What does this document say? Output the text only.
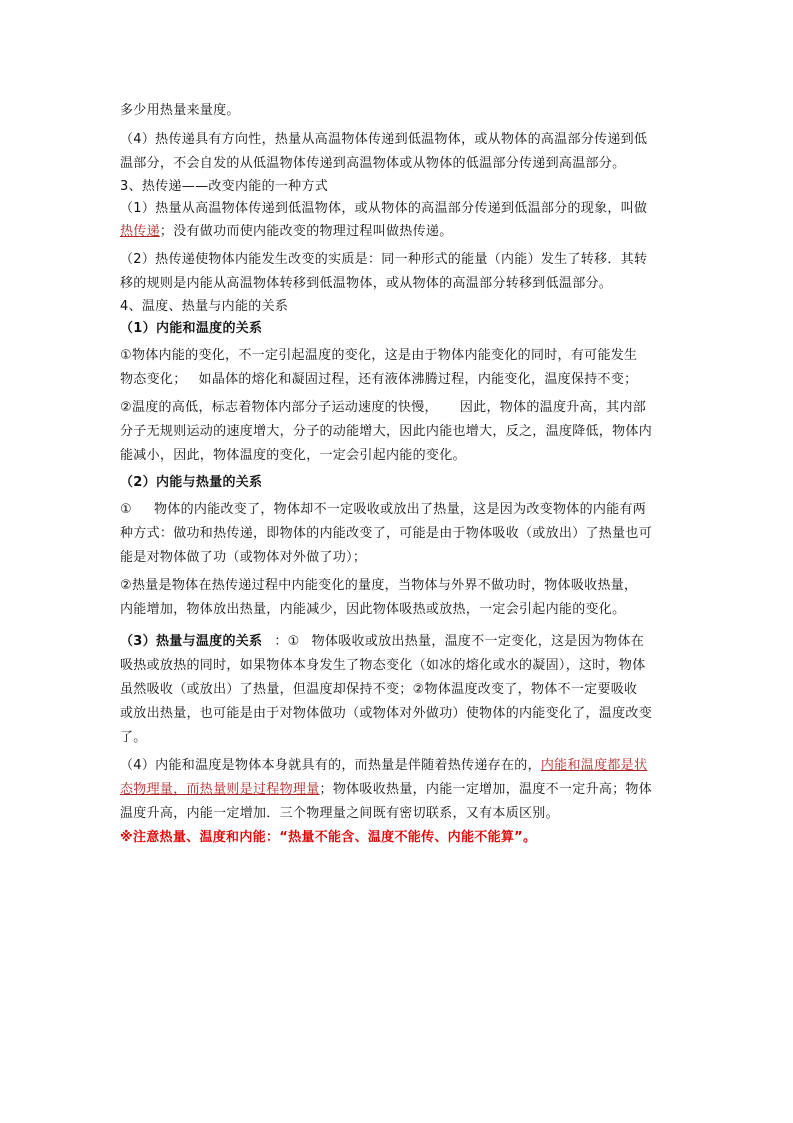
多少用热量来量度。
（4）热传递具有方向性，热量从高温物体传递到低温物体，或从物体的高温部分传递到低
温部分，不会自发的从低温物体传递到高温物体或从物体的低温部分传递到高温部分。
3、热传递——改变内能的一种方式
（1）热量从高温物体传递到低温物体，或从物体的高温部分传递到低温部分的现象，叫做
热传递；没有做功而使内能改变的物理过程叫做热传递。
（2）热传递使物体内能发生改变的实质是：同一种形式的能量（内能）发生了转移．其转
移的规则是内能从高温物体转移到低温物体，或从物体的高温部分转移到低温部分。
4、温度、热量与内能的关系
（1）内能和温度的关系
①物体内能的变化，不一定引起温度的变化，这是由于物体内能变化的同时，有可能发生
物态变化； 如晶体的熔化和凝固过程，还有液体沸腾过程，内能变化，温度保持不变；
②温度的高低，标志着物体内部分子运动速度的快慢， 因此，物体的温度升高，其内部
分子无规则运动的速度增大，分子的动能增大，因此内能也增大，反之，温度降低，物体内
能减小，因此，物体温度的变化，一定会引起内能的变化。
（2）内能与热量的关系
① 物体的内能改变了，物体却不一定吸收或放出了热量，这是因为改变物体的内能有两
种方式：做功和热传递，即物体的内能改变了，可能是由于物体吸收（或放出）了热量也可
能是对物体做了功（或物体对外做了功）；
②热量是物体在热传递过程中内能变化的量度，当物体与外界不做功时，物体吸收热量，
内能增加，物体放出热量，内能减少，因此物体吸热或放热，一定会引起内能的变化。
（3）热量与温度的关系 ：① 物体吸收或放出热量，温度不一定变化，这是因为物体在
吸热或放热的同时，如果物体本身发生了物态变化（如冰的熔化或水的凝固），这时，物体
虽然吸收（或放出）了热量，但温度却保持不变；②物体温度改变了，物体不一定要吸收
或放出热量，也可能是由于对物体做功（或物体对外做功）使物体的内能变化了，温度改变
了。
（4）内能和温度是物体本身就具有的，而热量是伴随着热传递存在的，内能和温度都是状
态物理量，而热量则是过程物理量；物体吸收热量，内能一定增加，温度不一定升高；物体
温度升高，内能一定增加．三个物理量之间既有密切联系，又有本质区别。
※注意热量、温度和内能：“热量不能含、温度不能传、内能不能算”。
